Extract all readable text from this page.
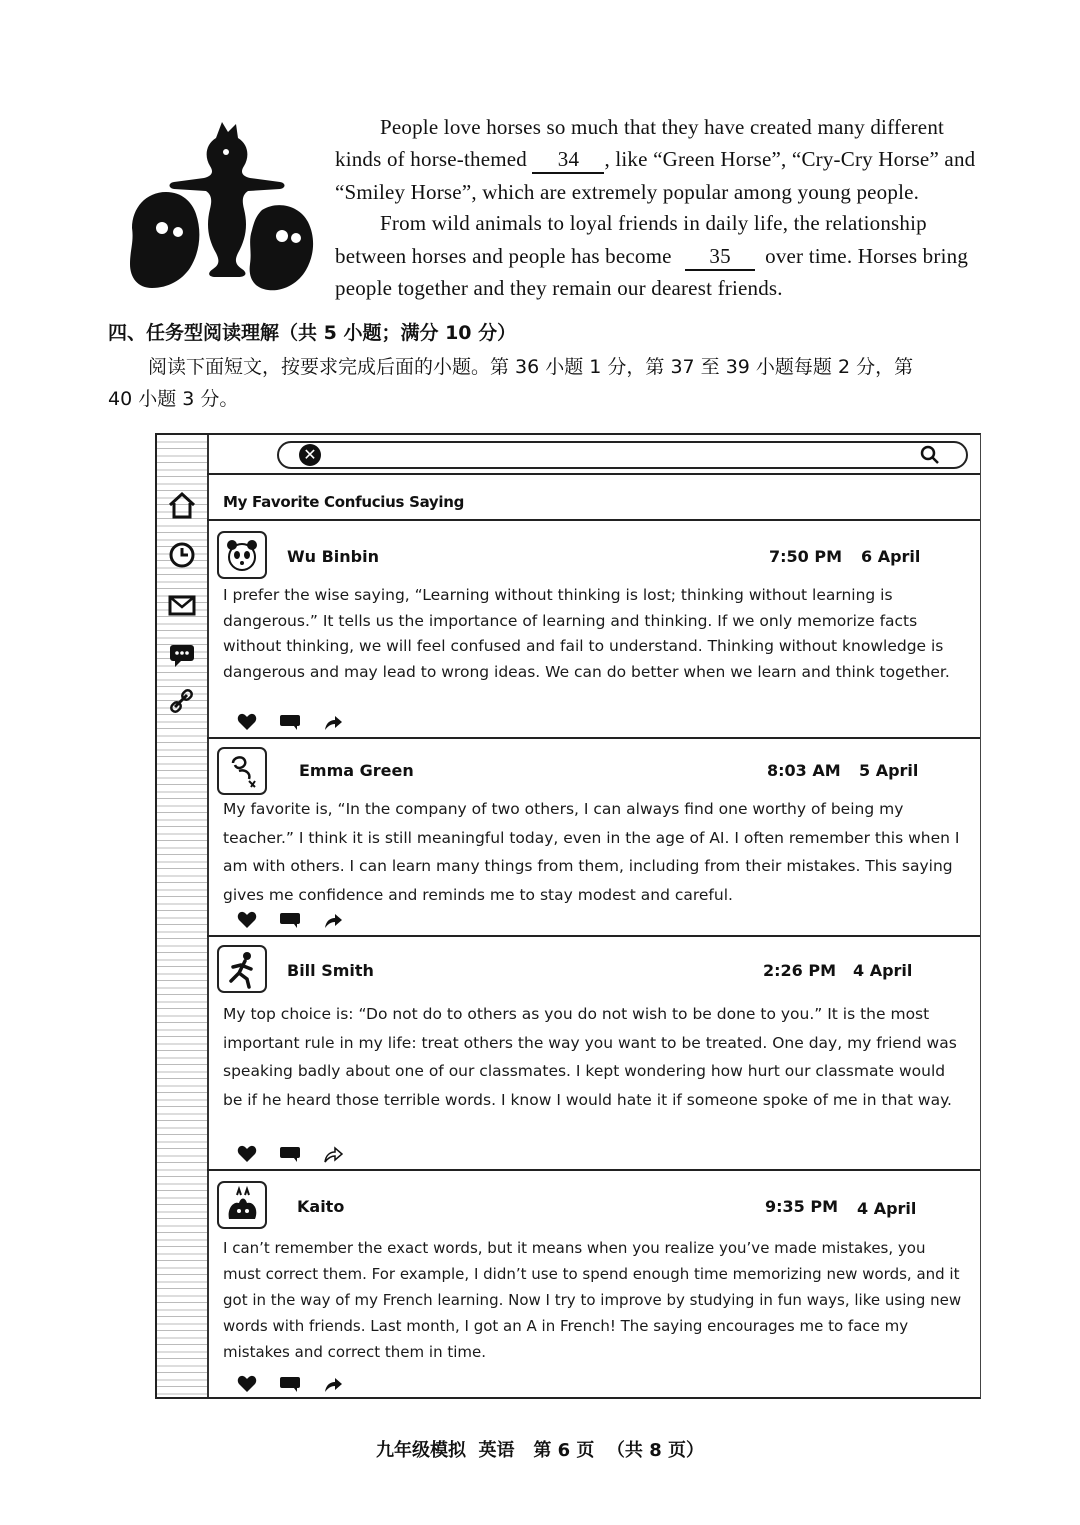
People love horses so much that they have created many different
kinds of horse-themed 34 , like “Green Horse”, “Cry-Cry Horse” and
“Smiley Horse”, which are extremely popular among young people.
From wild animals to loyal friends in daily life, the relationship
between horses and people has become 35 over time. Horses bring
people together and they remain our dearest friends.
四、任务型阅读理解（共 5 小题；满分 10 分）
阅读下面短文，按要求完成后面的小题。第 36 小题 1 分，第 37 至 39 小题每题 2 分，第
40 小题 3 分。
✕
My Favorite Confucius Saying
Wu Binbin	7:50 PM 6 April
I prefer the wise saying, “Learning without thinking is lost; thinking without learning is dangerous.” It tells us the importance of learning and thinking. If we only memorize facts without thinking, we will feel confused and fail to understand. Thinking without knowledge is dangerous and may lead to wrong ideas. We can do better when we learn and think together.
Emma Green	8:03 AM 5 April
My favorite is, “In the company of two others, I can always find one worthy of being my teacher.” I think it is still meaningful today, even in the age of AI. I often remember this when I am with others. I can learn many things from them, including from their mistakes. This saying gives me confidence and reminds me to stay modest and careful.
Bill Smith	2:26 PM 4 April
My top choice is: “Do not do to others as you do not wish to be done to you.” It is the most important rule in my life: treat others the way you want to be treated. One day, my friend was speaking badly about one of our classmates. I kept wondering how hurt our classmate would be if he heard those terrible words. I know I would hate it if someone spoke of me in that way.
Kaito	9:35 PM 4 April
I can’t remember the exact words, but it means when you realize you’ve made mistakes, you must correct them. For example, I didn’t use to spend enough time memorizing new words, and it got in the way of my French learning. Now I try to improve by studying in fun ways, like using new words with friends. Last month, I got an A in French! The saying encourages me to face my mistakes and correct them in time.
九年级模拟  英语   第 6 页  （共 8 页）
